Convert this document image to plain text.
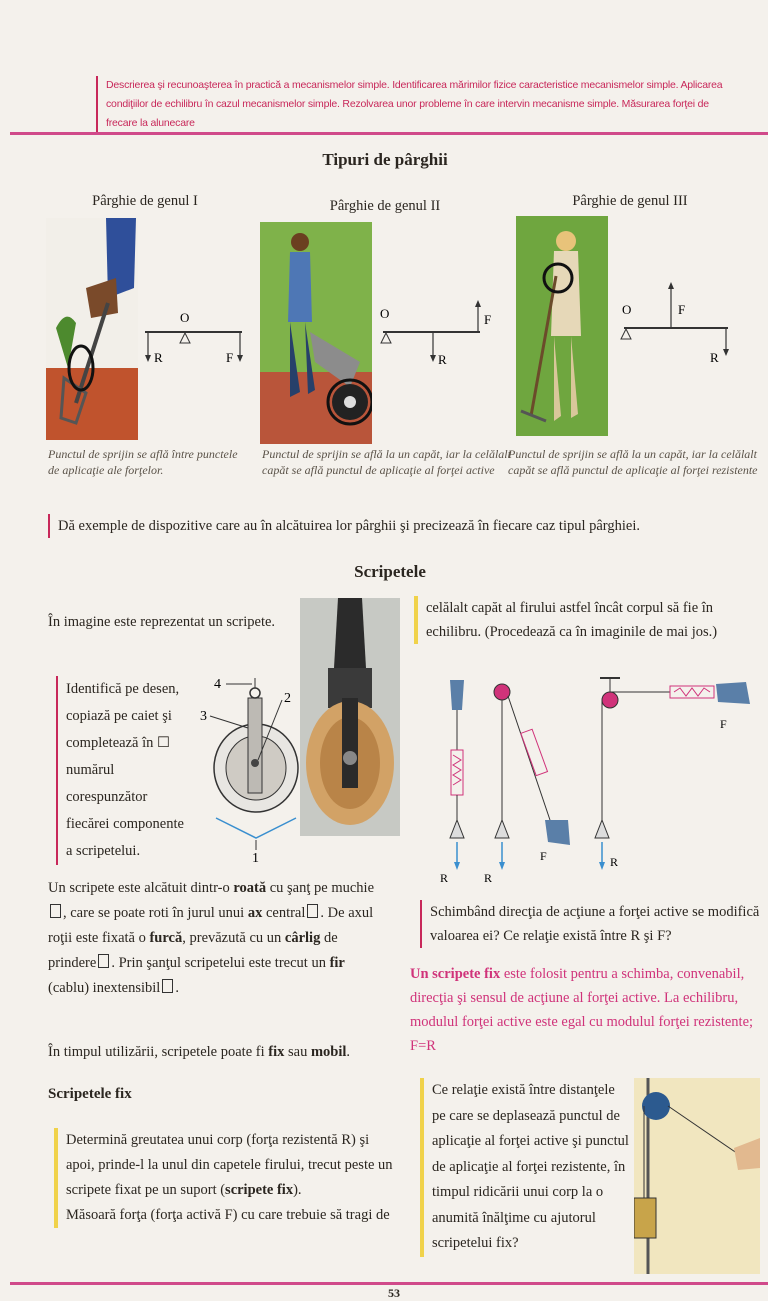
Descrierea şi recunoaşterea în practică a mecanismelor simple. Identificarea mărimilor fizice caracteristice mecanismelor simple. Aplicarea condiţiilor de echilibru în cazul mecanismelor simple. Rezolvarea unor probleme în care intervin mecanisme simple. Măsurarea forţei de frecare la alunecare
Tipuri de pârghii
Pârghie de genul I	Pârghie de genul II	Pârghie de genul III
O
R	F
O
R
F
O	F
R
Punctul de sprijin se află între punctele de aplicaţie ale forţelor.
Punctul de sprijin se află la un capăt, iar la celălalt capăt se află punctul de aplicaţie al forţei active
Punctul de sprijin se află la un capăt, iar la celălalt capăt se află punctul de aplicaţie al forţei rezistente
Dă exemple de dispozitive care au în alcătuirea lor pârghii şi precizează în fiecare caz tipul pârghiei.
Scripetele
În imagine este reprezentat un scripete.
Identifică pe desen, copiază pe caiet şi completează în ☐ numărul corespunzător fiecărei componente a scripetelui.
4
3
2
1
Un scripete este alcătuit dintr-o roată cu şanţ pe muchie, care se poate roti în jurul unui ax central . De axul roţii este fixată o furcă, prevăzută cu un cârlig de prindere . Prin şanţul scripetelui este trecut un fir (cablu) inextensibil .
În timpul utilizării, scripetele poate fi fix sau mobil.
Scripetele fix
Determină greutatea unui corp (forţa rezistentă R) şi apoi, prinde-l la unul din capetele firului, trecut peste un scripete fixat pe un suport (scripete fix).
Măsoară forţa (forţa activă F) cu care trebuie să tragi de
celălalt capăt al firului astfel încât corpul să fie în echilibru. (Procedează ca în imaginile de mai jos.)
R	R
F
F
R
Schimbând direcţia de acţiune a forţei active se modifică valoarea ei? Ce relaţie există între R şi F?
Un scripete fix este folosit pentru a schimba, convenabil, direcţia şi sensul de acţiune al forţei active. La echilibru, modulul forţei active este egal cu modulul forţei rezistente; F=R
Ce relaţie există între distanţele pe care se deplasează punctul de aplicaţie al forţei active şi punctul de aplicaţie al forţei rezistente, în timpul ridicării unui corp la o anumită înălţime cu ajutorul scripetelui fix?
53
